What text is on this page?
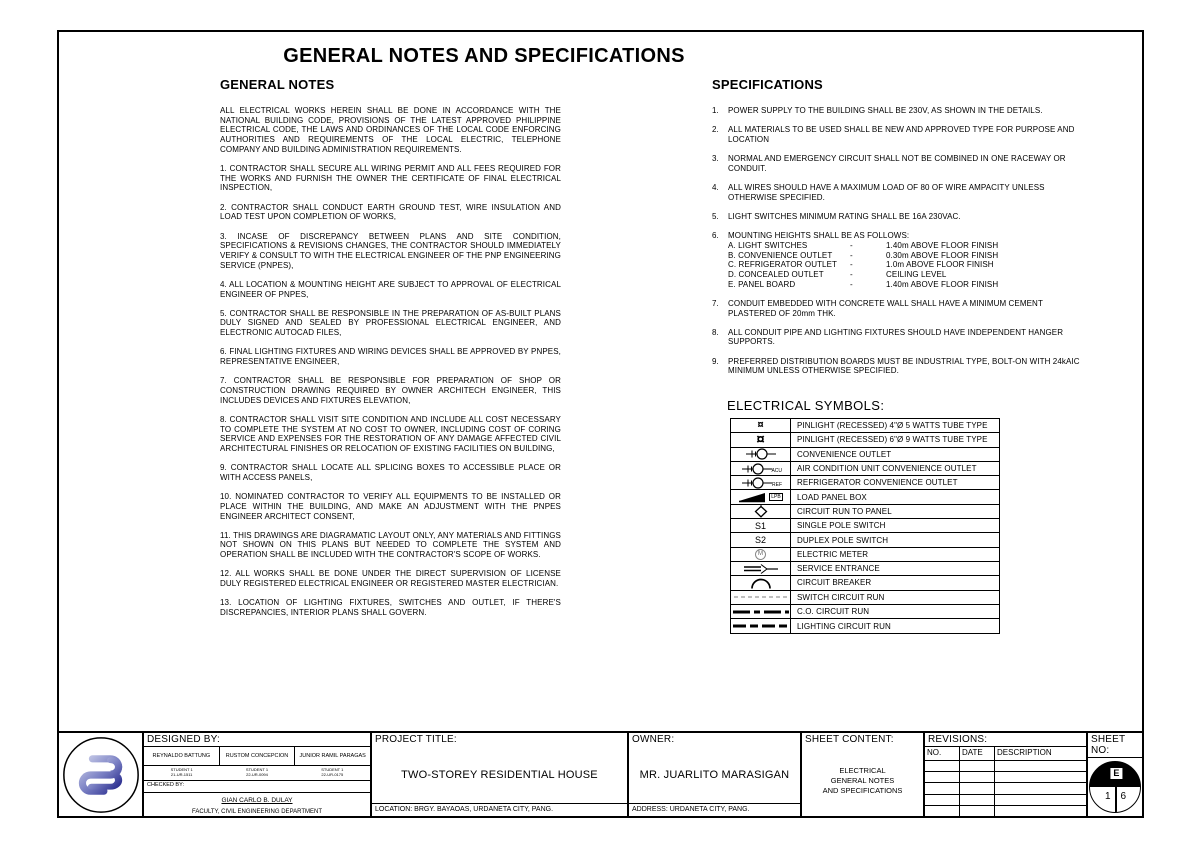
GENERAL NOTES AND SPECIFICATIONS
GENERAL NOTES

ALL ELECTRICAL WORKS HEREIN SHALL BE DONE IN ACCORDANCE WITH THE NATIONAL BUILDING CODE, PROVISIONS OF THE LATEST APPROVED PHILIPPINE ELECTRICAL CODE, THE LAWS AND ORDINANCES OF THE LOCAL CODE ENFORCING AUTHORITIES AND REQUIREMENTS OF THE LOCAL ELECTRIC, TELEPHONE COMPANY AND BUILDING ADMINISTRATION REQUIREMENTS.

1. CONTRACTOR SHALL SECURE ALL WIRING PERMIT AND ALL FEES REQUIRED FOR THE WORKS AND FURNISH THE OWNER THE CERTIFICATE OF FINAL ELECTRICAL INSPECTION,

2. CONTRACTOR SHALL CONDUCT EARTH GROUND TEST, WIRE INSULATION AND LOAD TEST UPON COMPLETION OF WORKS,

3. INCASE OF DISCREPANCY BETWEEN PLANS AND SITE CONDITION, SPECIFICATIONS & REVISIONS CHANGES, THE CONTRACTOR SHOULD IMMEDIATELY VERIFY & CONSULT TO WITH THE ELECTRICAL ENGINEER OF THE PNP ENGINEERING SERVICE (PNPES),

4. ALL LOCATION & MOUNTING HEIGHT ARE SUBJECT TO APPROVAL OF ELECTRICAL ENGINEER OF PNPES,

5. CONTRACTOR SHALL BE RESPONSIBLE IN THE PREPARATION OF AS-BUILT PLANS DULY SIGNED AND SEALED BY PROFESSIONAL ELECTRICAL ENGINEER, AND ELECTRONIC AUTOCAD FILES,

6. FINAL LIGHTING FIXTURES AND WIRING DEVICES SHALL BE APPROVED BY PNPES, REPRESENTATIVE ENGINEER,

7. CONTRACTOR SHALL BE RESPONSIBLE FOR PREPARATION OF SHOP OR CONSTRUCTION DRAWING REQUIRED BY OWNER ARCHITECH ENGINEER, THIS INCLUDES DEVICES AND FIXTURES ELEVATION,

8. CONTRACTOR SHALL VISIT SITE CONDITION AND INCLUDE ALL COST NECESSARY TO COMPLETE THE SYSTEM AT NO COST TO OWNER, INCLUDING COST OF CORING SERVICE AND EXPENSES FOR THE RESTORATION OF ANY DAMAGE AFFECTED CIVIL ARCHITECTURAL FINISHES OR RELOCATION OF EXISTING FACILITIES ON BUILDING,

9. CONTRACTOR SHALL LOCATE ALL SPLICING BOXES TO ACCESSIBLE PLACE OR WITH ACCESS PANELS,

10. NOMINATED CONTRACTOR TO VERIFY ALL EQUIPMENTS TO BE INSTALLED OR PLACE WITHIN THE BUILDING, AND MAKE AN ADJUSTMENT WITH THE PNPES ENGINEER ARCHITECT CONSENT,

11. THIS DRAWINGS ARE DIAGRAMATIC LAYOUT ONLY, ANY MATERIALS AND FITTINGS NOT SHOWN ON THIS PLANS BUT NEEDED TO COMPLETE THE SYSTEM AND OPERATION SHALL BE INCLUDED WITH THE CONTRACTOR'S SCOPE OF WORKS.

12. ALL WORKS SHALL BE DONE UNDER THE DIRECT SUPERVISION OF LICENSE DULY REGISTERED ELECTRICAL ENGINEER OR REGISTERED MASTER ELECTRICIAN.

13. LOCATION OF LIGHTING FIXTURES, SWITCHES AND OUTLET, IF THERE'S DISCREPANCIES, INTERIOR PLANS SHALL GOVERN.

SPECIFICATIONS
1.	POWER SUPPLY TO THE BUILDING SHALL BE 230V, AS SHOWN IN THE DETAILS.
2.	ALL MATERIALS TO BE USED SHALL BE NEW AND APPROVED TYPE FOR PURPOSE AND LOCATION
3.	NORMAL AND EMERGENCY CIRCUIT SHALL NOT BE COMBINED IN ONE RACEWAY OR CONDUIT.
4.	ALL WIRES SHOULD HAVE A MAXIMUM LOAD OF 80 OF WIRE AMPACITY UNLESS OTHERWISE SPECIFIED.
5.	LIGHT SWITCHES MINIMUM RATING SHALL BE 16A 230VAC.
6.	MOUNTING HEIGHTS SHALL BE AS FOLLOWS:
A. LIGHT SWITCHES	-	1.40m ABOVE FLOOR FINISH
B. CONVENIENCE OUTLET	-	0.30m ABOVE FLOOR FINISH
C. REFRIGERATOR OUTLET	-	1.0m ABOVE FLOOR FINISH
D. CONCEALED OUTLET	-	CEILING LEVEL
E. PANEL BOARD	-	1.40m ABOVE FLOOR FINISH
7.	CONDUIT EMBEDDED WITH CONCRETE WALL SHALL HAVE A MINIMUM CEMENT PLASTERED OF 20mm THK.
8.	ALL CONDUIT PIPE AND LIGHTING FIXTURES SHOULD HAVE INDEPENDENT HANGER SUPPORTS.
9.	PREFERRED DISTRIBUTION BOARDS MUST BE INDUSTRIAL TYPE, BOLT-ON WITH 24kAIC MINIMUM UNLESS OTHERWISE SPECIFIED.
ELECTRICAL SYMBOLS:
¤	PINLIGHT (RECESSED) 4"Ø 5 WATTS TUBE TYPE
¤	PINLIGHT (RECESSED) 6"Ø 9 WATTS TUBE TYPE
CONVENIENCE OUTLET
ACU	AIR CONDITION UNIT CONVENIENCE OUTLET
REF	REFRIGERATOR CONVENIENCE OUTLET
LPB	LOAD PANEL BOX
CIRCUIT RUN TO PANEL
S1	SINGLE POLE SWITCH
S2	DUPLEX POLE SWITCH
M	ELECTRIC METER
SERVICE ENTRANCE
CIRCUIT BREAKER
SWITCH CIRCUIT RUN
C.O. CIRCUIT RUN
LIGHTING CIRCUIT RUN
DESIGNED BY:
REYNALDO BATTUNG	RUSTOM CONCEPCION	JUNIOR RAMIL PARAGAS
STUDENT 1
21-UR-1511
STUDENT 1
22-UR-0094
STUDENT 1
22-UR-0175
CHECKED BY:
GIAN CARLO B. DULAY
FACULTY, CIVIL ENGINEERING DEPARTMENT
PROJECT TITLE:
TWO-STOREY RESIDENTIAL HOUSE
LOCATION: BRGY. BAYAOAS, URDANETA CITY, PANG.
OWNER:
MR. JUARLITO MARASIGAN
ADDRESS: URDANETA CITY, PANG.
SHEET CONTENT:
ELECTRICAL
GENERAL NOTES
AND SPECIFICATIONS
REVISIONS:
NO.	DATE	DESCRIPTION
SHEET NO:
E
1 6
